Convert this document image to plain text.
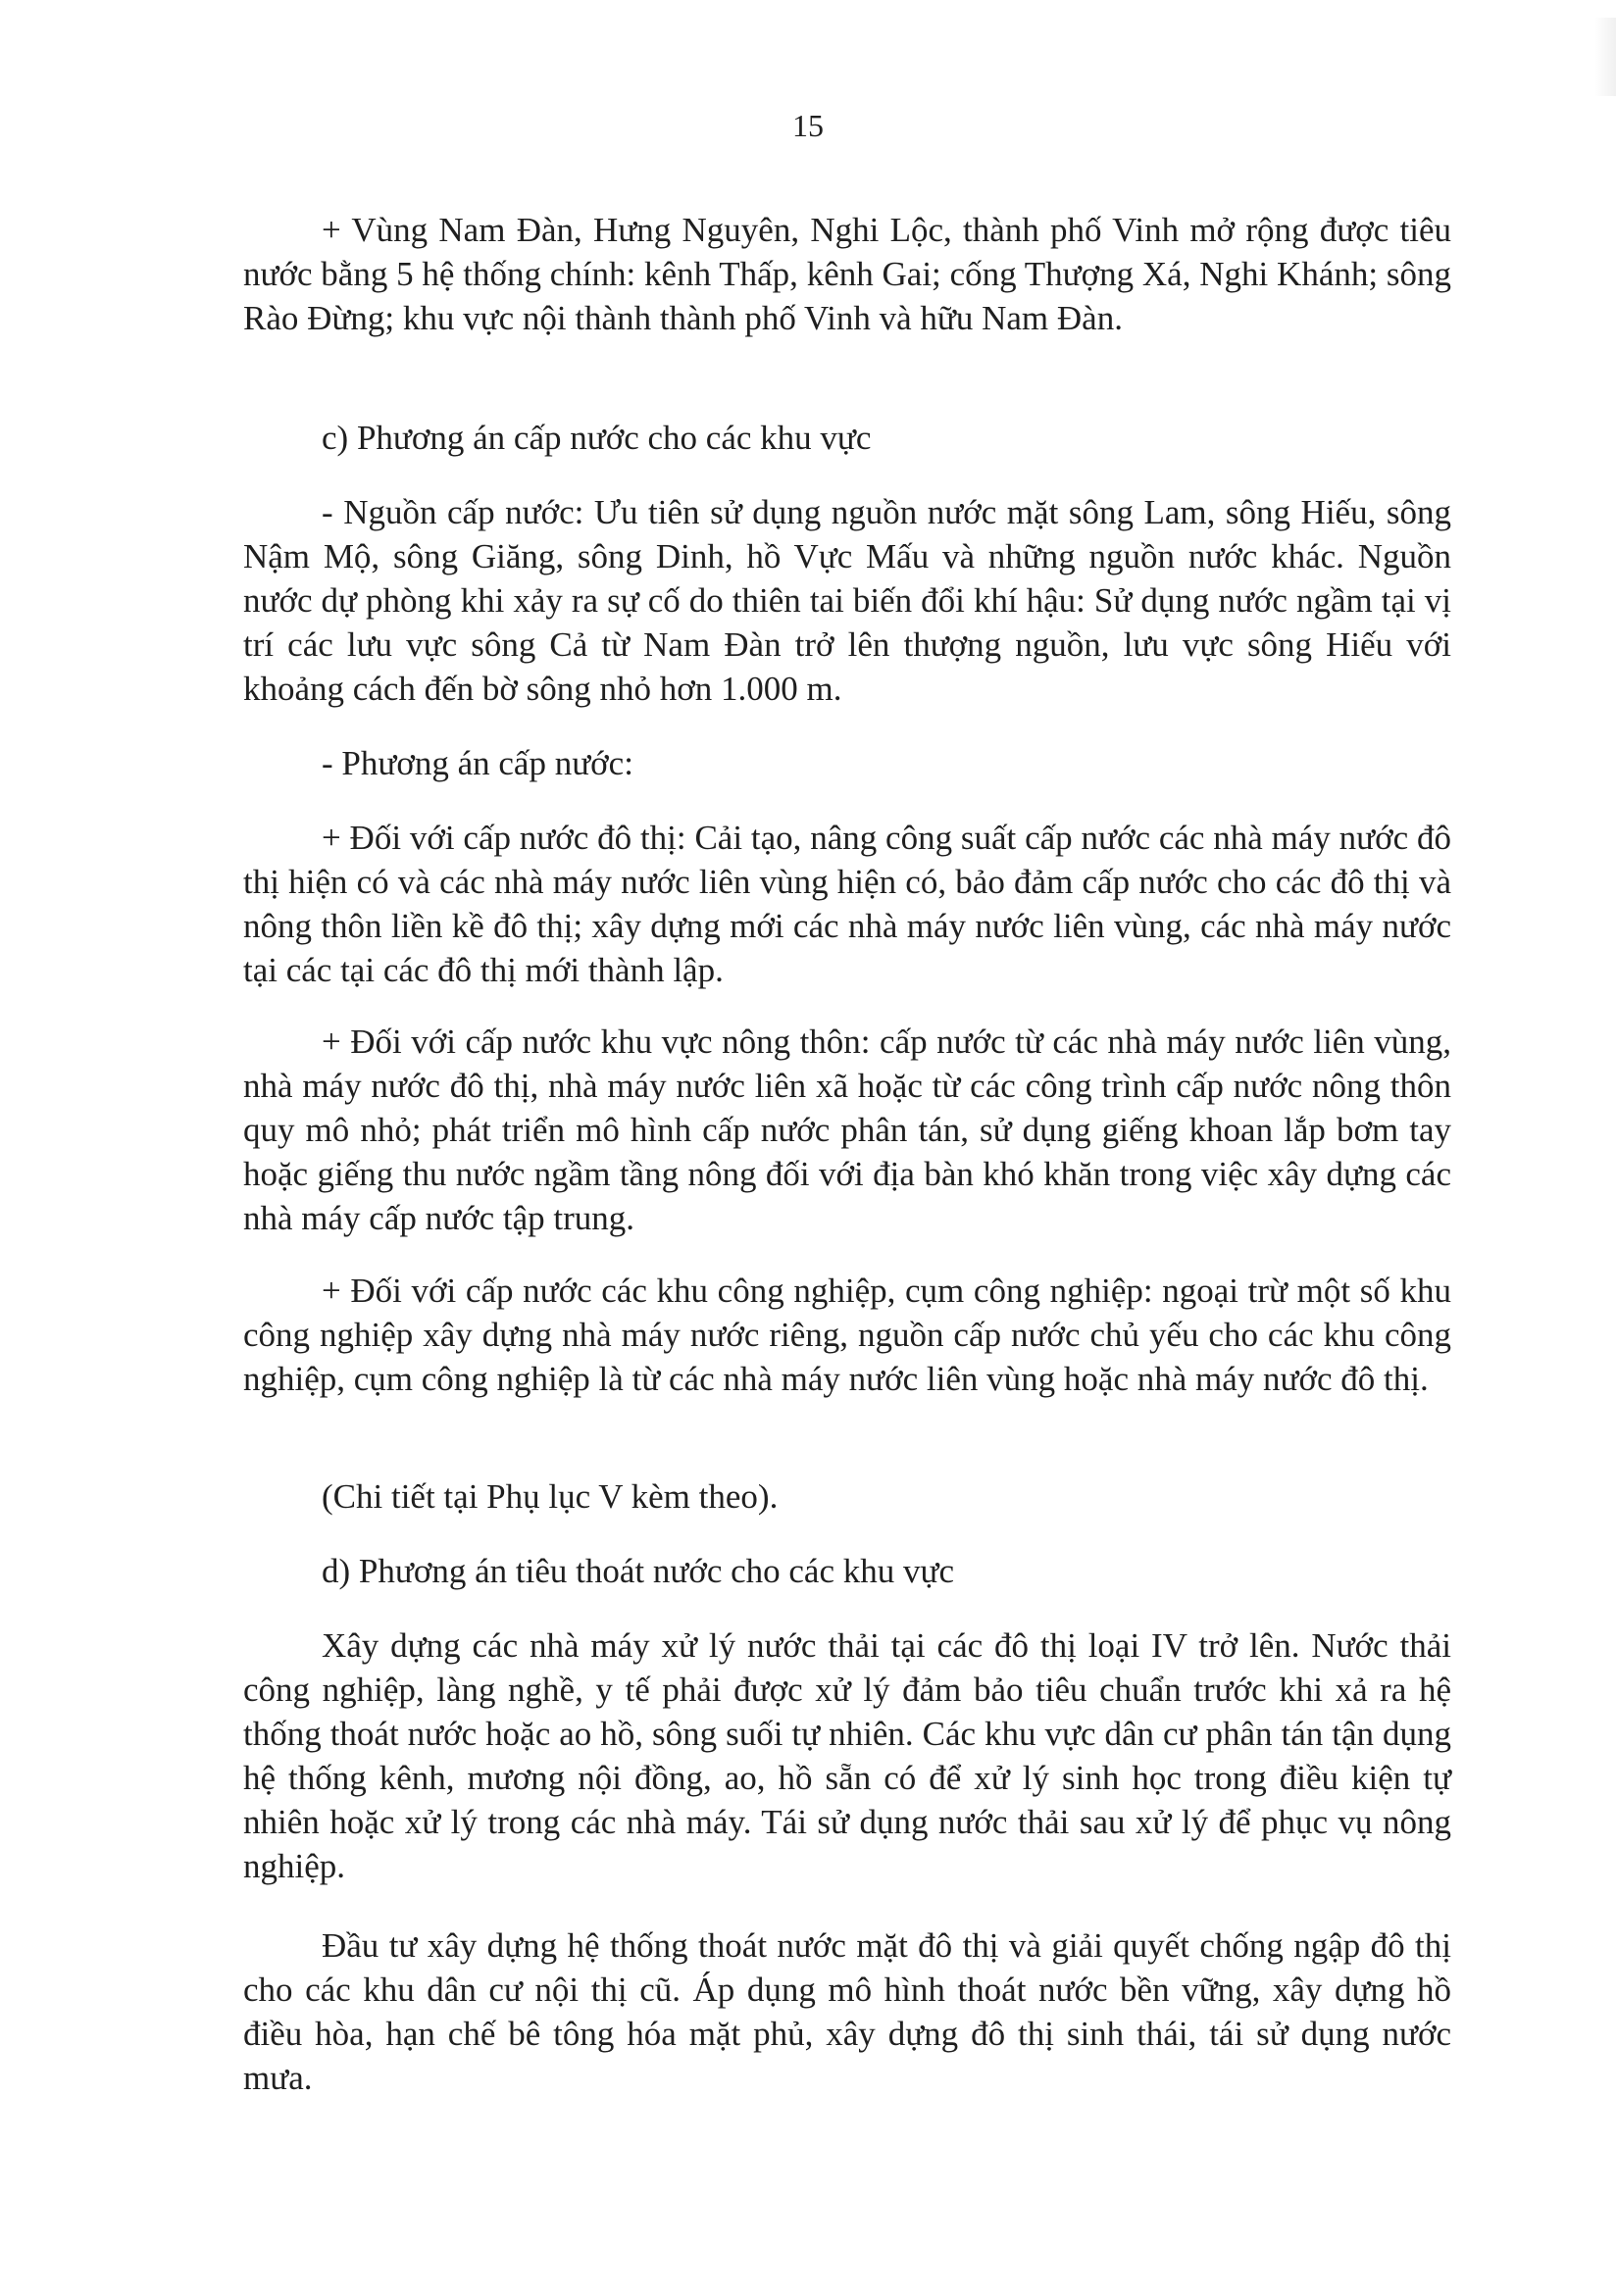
15

+ Vùng Nam Đàn, Hưng Nguyên, Nghi Lộc, thành phố Vinh mở rộng được tiêu nước bằng 5 hệ thống chính: kênh Thấp, kênh Gai; cống Thượng Xá, Nghi Khánh; sông Rào Đừng; khu vực nội thành thành phố Vinh và hữu Nam Đàn.

c) Phương án cấp nước cho các khu vực

- Nguồn cấp nước: Ưu tiên sử dụng nguồn nước mặt sông Lam, sông Hiếu, sông Nậm Mộ, sông Giăng, sông Dinh, hồ Vực Mấu và những nguồn nước khác. Nguồn nước dự phòng khi xảy ra sự cố do thiên tai biến đổi khí hậu: Sử dụng nước ngầm tại vị trí các lưu vực sông Cả từ Nam Đàn trở lên thượng nguồn, lưu vực sông Hiếu với khoảng cách đến bờ sông nhỏ hơn 1.000 m.

- Phương án cấp nước:

+ Đối với cấp nước đô thị: Cải tạo, nâng công suất cấp nước các nhà máy nước đô thị hiện có và các nhà máy nước liên vùng hiện có, bảo đảm cấp nước cho các đô thị và nông thôn liền kề đô thị; xây dựng mới các nhà máy nước liên vùng, các nhà máy nước tại các tại các đô thị mới thành lập.

+ Đối với cấp nước khu vực nông thôn: cấp nước từ các nhà máy nước liên vùng, nhà máy nước đô thị, nhà máy nước liên xã hoặc từ các công trình cấp nước nông thôn quy mô nhỏ; phát triển mô hình cấp nước phân tán, sử dụng giếng khoan lắp bơm tay hoặc giếng thu nước ngầm tầng nông đối với địa bàn khó khăn trong việc xây dựng các nhà máy cấp nước tập trung.

+ Đối với cấp nước các khu công nghiệp, cụm công nghiệp: ngoại trừ một số khu công nghiệp xây dựng nhà máy nước riêng, nguồn cấp nước chủ yếu cho các khu công nghiệp, cụm công nghiệp là từ các nhà máy nước liên vùng hoặc nhà máy nước đô thị.

(Chi tiết tại Phụ lục V kèm theo).

d) Phương án tiêu thoát nước cho các khu vực

Xây dựng các nhà máy xử lý nước thải tại các đô thị loại IV trở lên. Nước thải công nghiệp, làng nghề, y tế phải được xử lý đảm bảo tiêu chuẩn trước khi xả ra hệ thống thoát nước hoặc ao hồ, sông suối tự nhiên. Các khu vực dân cư phân tán tận dụng hệ thống kênh, mương nội đồng, ao, hồ sẵn có để xử lý sinh học trong điều kiện tự nhiên hoặc xử lý trong các nhà máy. Tái sử dụng nước thải sau xử lý để phục vụ nông nghiệp.

Đầu tư xây dựng hệ thống thoát nước mặt đô thị và giải quyết chống ngập đô thị cho các khu dân cư nội thị cũ. Áp dụng mô hình thoát nước bền vững, xây dựng hồ điều hòa, hạn chế bê tông hóa mặt phủ, xây dựng đô thị sinh thái, tái sử dụng nước mưa.
